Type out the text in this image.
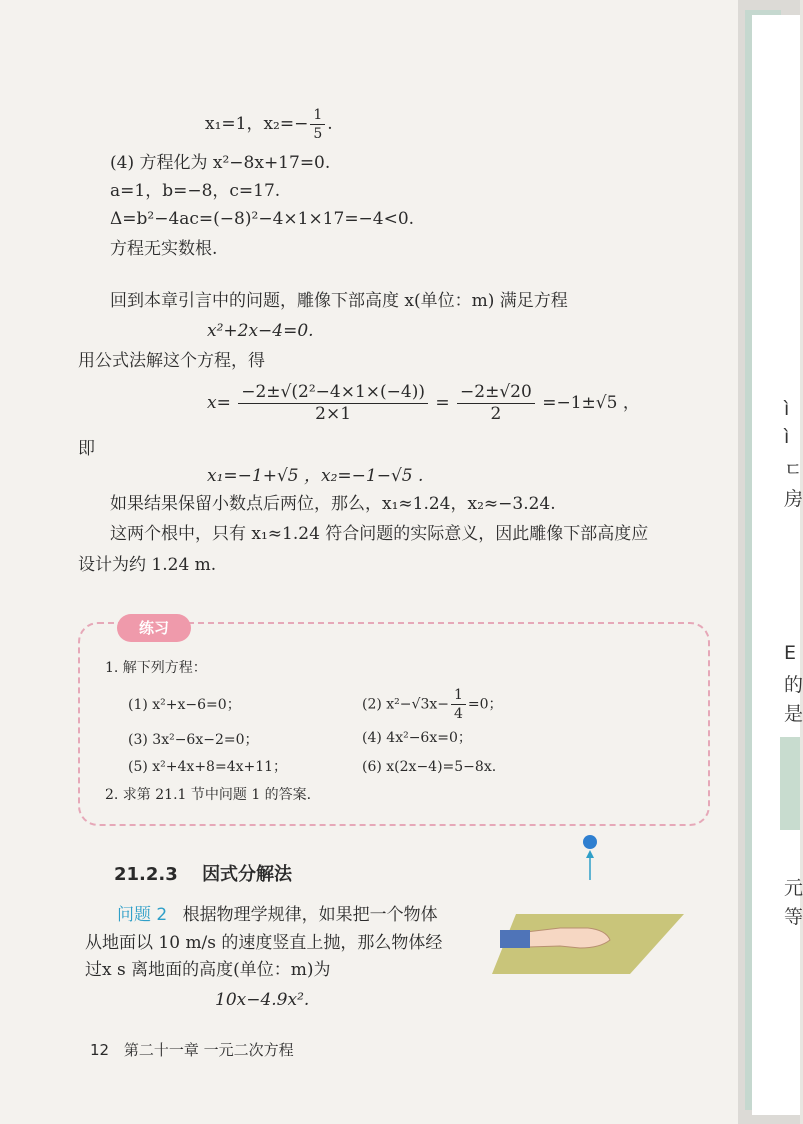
x₁=1，$x_2=- \frac{1}{5}$ .
(4) 方程化为 x²−8x+17=0.
a=1，b=−8，c=17.
Δ=b²−4ac=(−8)²−4×1×17=−4<0.
方程无实数根.
回到本章引言中的问题，雕像下部高度 x(单位：m) 满足方程
x²+2x−4=0.
用公式法解这个方程，得
$x= \frac{\text{−2±√(2²−4×1×(−4))}}{2\times 1} = \frac{-2\pm√20}{2} =-1\pm√5$ ，
即
x₁=−1+√5 ，x₂=−1−√5 .
如果结果保留小数点后两位，那么，x₁≈1.24，x₂≈−3.24.
这两个根中，只有 x₁≈1.24 符合问题的实际意义，因此雕像下部高度应
设计为约 1.24 m.
练习
1. 解下列方程：
(1) x²+x−6=0；	(2) $x^2-√3x- \frac{1}{4} =0$；
(3) 3x²−6x−2=0；	(4) 4x²−6x=0；
(5) x²+4x+8=4x+11；	(6) x(2x−4)=5−8x.
2. 求第 21.1 节中问题 1 的答案.
21.2.3 因式分解法
问题 2 根据物理学规律，如果把一个物体
从地面以 10 m/s 的速度竖直上抛，那么物体经
过x s 离地面的高度(单位：m)为
10x−4.9x².
12 第二十一章 一元二次方程
ì
ì
ㄷ
房
E
的
是
元
等
